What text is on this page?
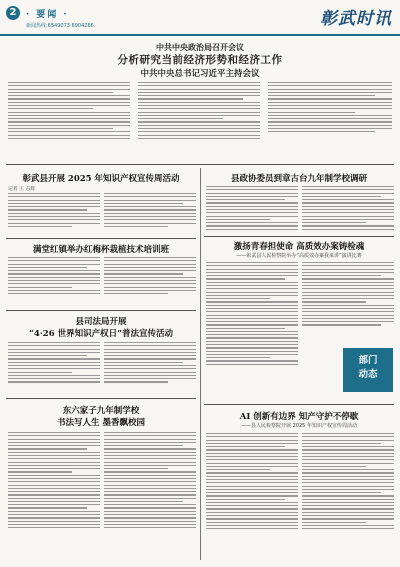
2	· 要闻 ·
新闻热线:6549073 6904266	彰武时讯
中共中央政治局召开会议
分析研究当前经济形势和经济工作
中共中央总书记习近平主持会议
彰武县开展 2025 年知识产权宣传周活动
记者 王 志辉
满堂红镇举办红梅杯栽植技术培训班
县司法局开展
“4·26 世界知识产权日”普法宣传活动
东六家子九年制学校
书法写人生 墨香飘校园
县政协委员到章古台九年制学校调研
激扬青春担使命 高质效办案铸检魂
——彰武县人民检察院举办“高质效办案我来讲”演讲比赛
部门
动态
AI 创新有边界 知产守护不停歇
——县人民检察院开展 2025 年知识产权宣传周活动
